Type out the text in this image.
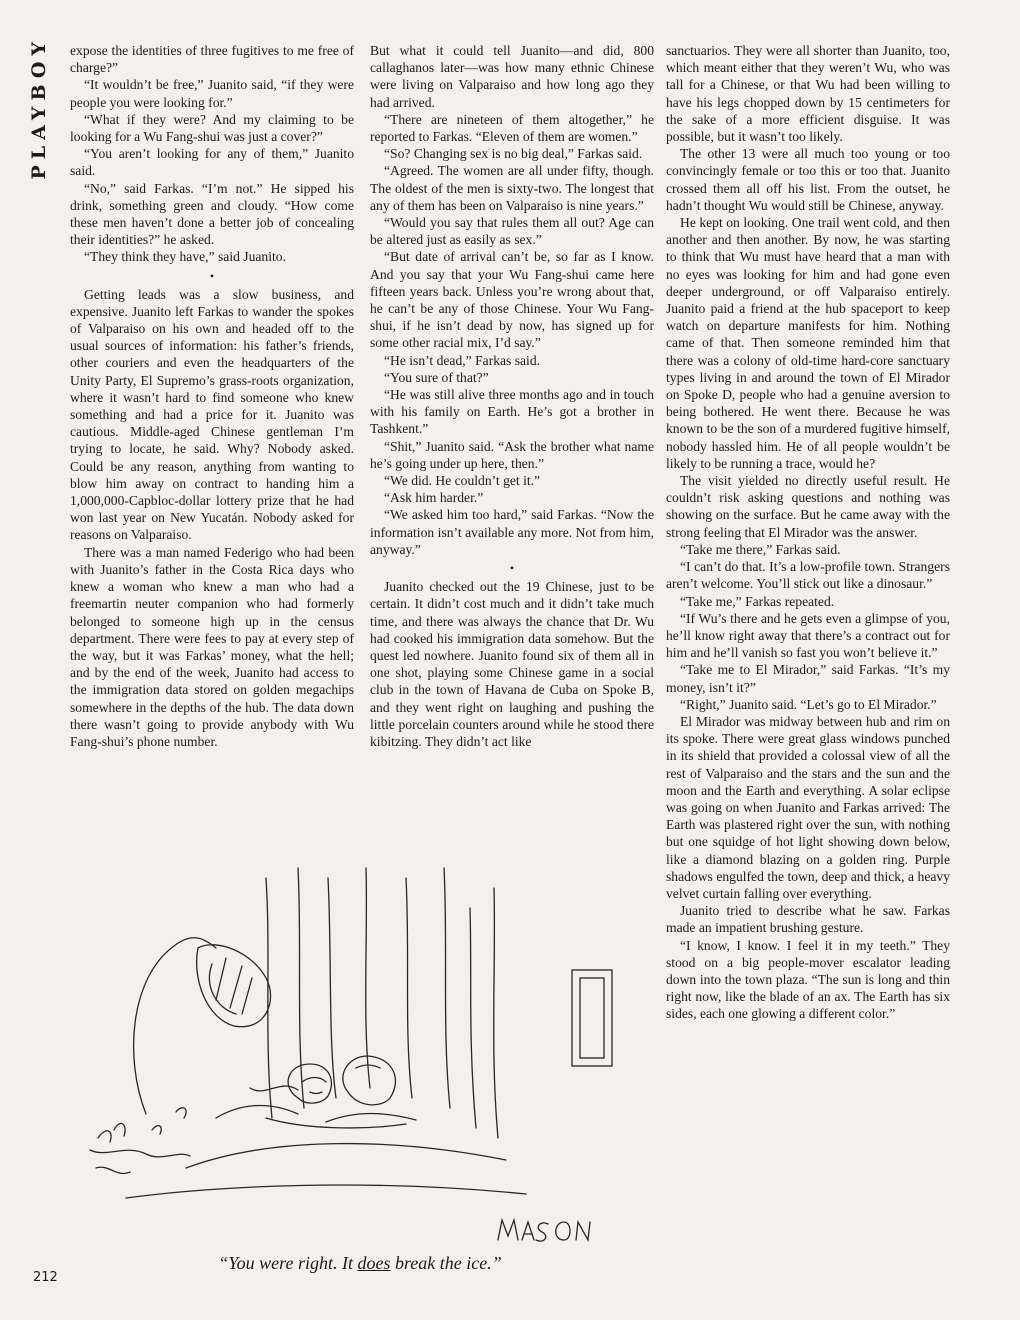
PLAYBOY expose the identities of three fugitives to me free of charge?”

“It wouldn’t be free,” Juanito said, “if they were people you were looking for.”

“What if they were? And my claiming to be looking for a Wu Fang-shui was just a cover?”

“You aren’t looking for any of them,” Juanito said.

“No,” said Farkas. “I’m not.” He sipped his drink, something green and cloudy. “How come these men haven’t done a better job of concealing their identities?” he asked.

“They think they have,” said Juanito.

•

Getting leads was a slow business, and expensive. Juanito left Farkas to wander the spokes of Valparaiso on his own and headed off to the usual sources of information: his father’s friends, other couriers and even the headquarters of the Unity Party, El Supremo’s grass-roots organization, where it wasn’t hard to find someone who knew something and had a price for it. Juanito was cautious. Middle-aged Chinese gentleman I’m trying to locate, he said. Why? Nobody asked. Could be any reason, anything from wanting to blow him away on contract to handing him a 1,000,000-Capbloc-dollar lottery prize that he had won last year on New Yucatán. Nobody asked for reasons on Valparaiso.

There was a man named Federigo who had been with Juanito’s father in the Costa Rica days who knew a woman who knew a man who had a freemartin neuter companion who had formerly belonged to someone high up in the census department. There were fees to pay at every step of the way, but it was Farkas’ money, what the hell; and by the end of the week, Juanito had access to the immigration data stored on golden megachips somewhere in the depths of the hub. The data down there wasn’t going to provide anybody with Wu Fang-shui’s phone number.

But what it could tell Juanito—and did, 800 callaghanos later—was how many ethnic Chinese were living on Valparaiso and how long ago they had arrived.

“There are nineteen of them altogether,” he reported to Farkas. “Eleven of them are women.”

“So? Changing sex is no big deal,” Farkas said.

“Agreed. The women are all under fifty, though. The oldest of the men is sixty-two. The longest that any of them has been on Valparaiso is nine years.”

“Would you say that rules them all out? Age can be altered just as easily as sex.”

“But date of arrival can’t be, so far as I know. And you say that your Wu Fang-shui came here fifteen years back. Unless you’re wrong about that, he can’t be any of those Chinese. Your Wu Fang-shui, if he isn’t dead by now, has signed up for some other racial mix, I’d say.”

“He isn’t dead,” Farkas said.

“You sure of that?”

“He was still alive three months ago and in touch with his family on Earth. He’s got a brother in Tashkent.”

“Shit,” Juanito said. “Ask the brother what name he’s going under up here, then.”

“We did. He couldn’t get it.”

“Ask him harder.”

“We asked him too hard,” said Farkas. “Now the information isn’t available any more. Not from him, anyway.”

•

Juanito checked out the 19 Chinese, just to be certain. It didn’t cost much and it didn’t take much time, and there was always the chance that Dr. Wu had cooked his immigration data somehow. But the quest led nowhere. Juanito found six of them all in one shot, playing some Chinese game in a social club in the town of Havana de Cuba on Spoke B, and they went right on laughing and pushing the little porcelain counters around while he stood there kibitzing. They didn’t act like

sanctuarios. They were all shorter than Juanito, too, which meant either that they weren’t Wu, who was tall for a Chinese, or that Wu had been willing to have his legs chopped down by 15 centimeters for the sake of a more efficient disguise. It was possible, but it wasn’t too likely.

The other 13 were all much too young or too convincingly female or too this or too that. Juanito crossed them all off his list. From the outset, he hadn’t thought Wu would still be Chinese, anyway.

He kept on looking. One trail went cold, and then another and then another. By now, he was starting to think that Wu must have heard that a man with no eyes was looking for him and had gone even deeper underground, or off Valparaiso entirely. Juanito paid a friend at the hub spaceport to keep watch on departure manifests for him. Nothing came of that. Then someone reminded him that there was a colony of old-time hard-core sanctuary types living in and around the town of El Mirador on Spoke D, people who had a genuine aversion to being bothered. He went there. Because he was known to be the son of a murdered fugitive himself, nobody hassled him. He of all people wouldn’t be likely to be running a trace, would he?

The visit yielded no directly useful result. He couldn’t risk asking questions and nothing was showing on the surface. But he came away with the strong feeling that El Mirador was the answer.

“Take me there,” Farkas said.

“I can’t do that. It’s a low-profile town. Strangers aren’t welcome. You’ll stick out like a dinosaur.”

“Take me,” Farkas repeated.

“If Wu’s there and he gets even a glimpse of you, he’ll know right away that there’s a contract out for him and he’ll vanish so fast you won’t believe it.”

“Take me to El Mirador,” said Farkas. “It’s my money, isn’t it?”

“Right,” Juanito said. “Let’s go to El Mirador.”

El Mirador was midway between hub and rim on its spoke. There were great glass windows punched in its shield that provided a colossal view of all the rest of Valparaiso and the stars and the sun and the moon and the Earth and everything. A solar eclipse was going on when Juanito and Farkas arrived: The Earth was plastered right over the sun, with nothing but one squidge of hot light showing down below, like a diamond blazing on a golden ring. Purple shadows engulfed the town, deep and thick, a heavy velvet curtain falling over everything.

Juanito tried to describe what he saw. Farkas made an impatient brushing gesture.

“I know, I know. I feel it in my teeth.” They stood on a big people-mover escalator leading down into the town plaza. “The sun is long and thin right now, like the blade of an ax. The Earth has six sides, each one glowing a different color.”

MASON
“You were right. It does break the ice.”
212
